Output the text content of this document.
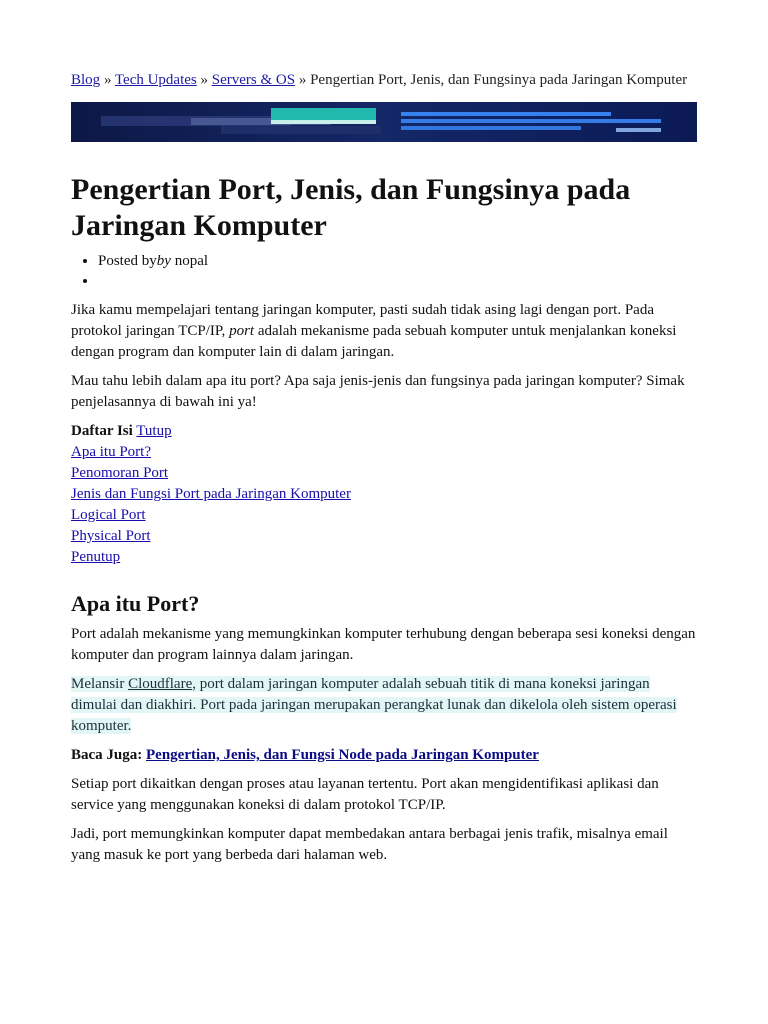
Blog » Tech Updates » Servers & OS » Pengertian Port, Jenis, dan Fungsinya pada Jaringan Komputer
Pengertian Port, Jenis, dan Fungsinya pada Jaringan Komputer
• Posted byby nopal
•

Jika kamu mempelajari tentang jaringan komputer, pasti sudah tidak asing lagi dengan port. Pada protokol jaringan TCP/IP, port adalah mekanisme pada sebuah komputer untuk menjalankan koneksi dengan program dan komputer lain di dalam jaringan.

Mau tahu lebih dalam apa itu port? Apa saja jenis-jenis dan fungsinya pada jaringan komputer? Simak penjelasannya di bawah ini ya!

Daftar Isi Tutup
Apa itu Port?
Penomoran Port
Jenis dan Fungsi Port pada Jaringan Komputer
Logical Port
Physical Port
Penutup
Apa itu Port?

Port adalah mekanisme yang memungkinkan komputer terhubung dengan beberapa sesi koneksi dengan komputer dan program lainnya dalam jaringan.

Melansir Cloudflare, port dalam jaringan komputer adalah sebuah titik di mana koneksi jaringan dimulai dan diakhiri. Port pada jaringan merupakan perangkat lunak dan dikelola oleh sistem operasi komputer.

Baca Juga: Pengertian, Jenis, dan Fungsi Node pada Jaringan Komputer

Setiap port dikaitkan dengan proses atau layanan tertentu. Port akan mengidentifikasi aplikasi dan service yang menggunakan koneksi di dalam protokol TCP/IP.

Jadi, port memungkinkan komputer dapat membedakan antara berbagai jenis trafik, misalnya email yang masuk ke port yang berbeda dari halaman web.
